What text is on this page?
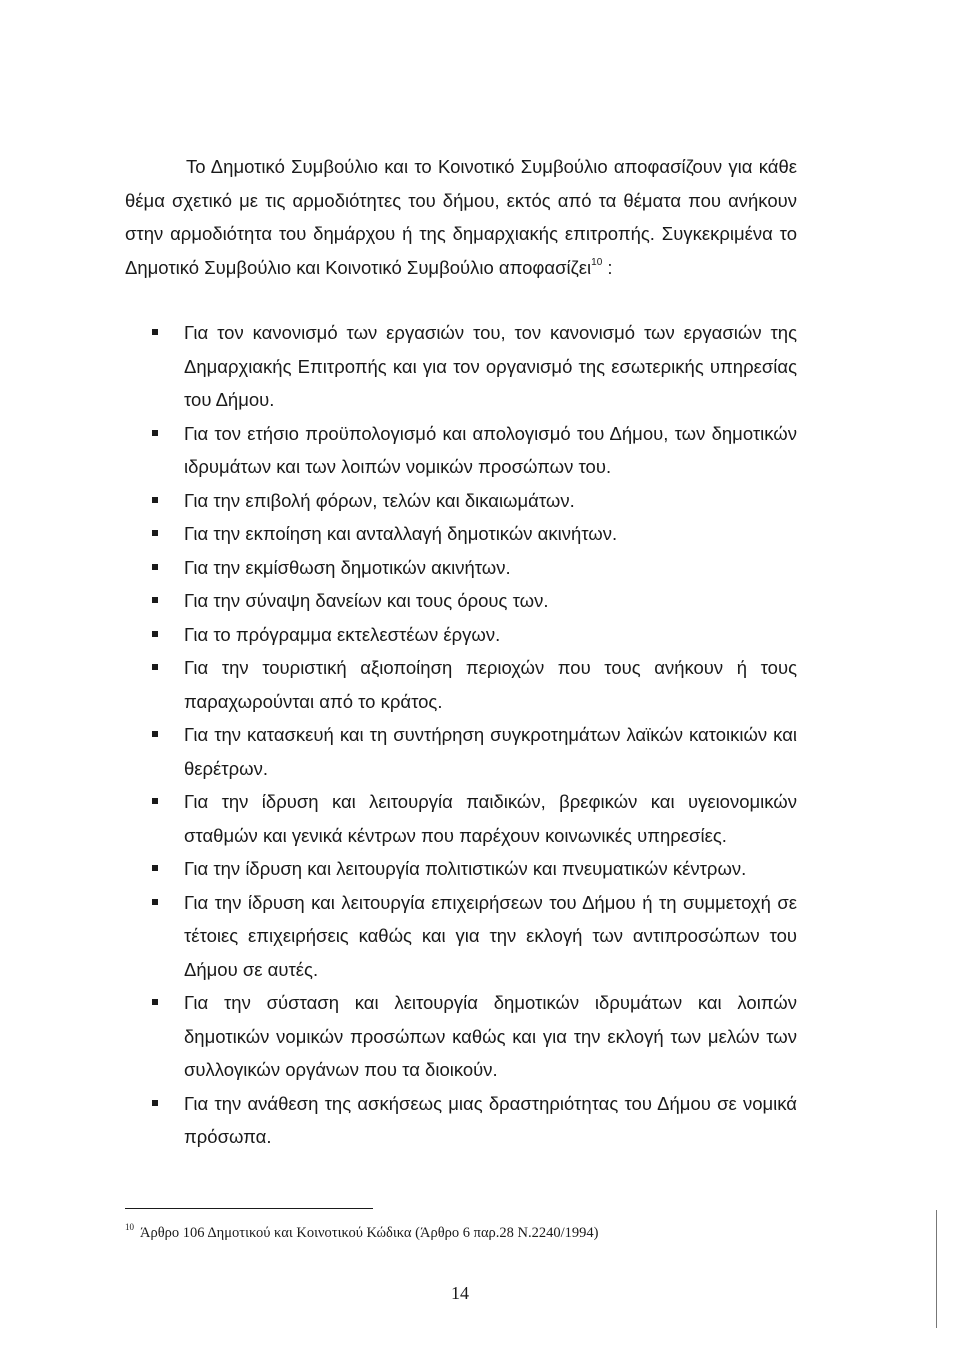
Το Δημοτικό Συμβούλιο και το Κοινοτικό Συμβούλιο αποφασίζουν για κάθε θέμα σχετικό με τις αρμοδιότητες του δήμου, εκτός από τα θέματα που ανήκουν στην αρμοδιότητα του δημάρχου ή της δημαρχιακής επιτροπής. Συγκεκριμένα το Δημοτικό Συμβούλιο και Κοινοτικό Συμβούλιο αποφασίζει$^{10}$ :

Για τον κανονισμό των εργασιών του, τον κανονισμό των εργασιών της Δημαρχιακής Επιτροπής και για τον οργανισμό της εσωτερικής υπηρεσίας του Δήμου.
Για τον ετήσιο προϋπολογισμό και απολογισμό του Δήμου, των δημοτικών ιδρυμάτων και των λοιπών νομικών προσώπων του.
Για την επιβολή φόρων, τελών και δικαιωμάτων.
Για την εκποίηση και ανταλλαγή δημοτικών ακινήτων.
Για την εκμίσθωση δημοτικών ακινήτων.
Για την σύναψη δανείων και τους όρους των.
Για το πρόγραμμα εκτελεστέων έργων.
Για την τουριστική αξιοποίηση περιοχών που τους ανήκουν ή τους παραχωρούνται από το κράτος.
Για την κατασκευή και τη συντήρηση συγκροτημάτων λαϊκών κατοικιών και θερέτρων.
Για την ίδρυση και λειτουργία παιδικών, βρεφικών και υγειονομικών σταθμών και γενικά κέντρων που παρέχουν κοινωνικές υπηρεσίες.
Για την ίδρυση και λειτουργία πολιτιστικών και πνευματικών κέντρων.
Για την ίδρυση και λειτουργία επιχειρήσεων του Δήμου ή τη συμμετοχή σε τέτοιες επιχειρήσεις καθώς και για την εκλογή των αντιπροσώπων του Δήμου σε αυτές.
Για την σύσταση και λειτουργία δημοτικών ιδρυμάτων και λοιπών δημοτικών νομικών προσώπων καθώς και για την εκλογή των μελών των συλλογικών οργάνων που τα διοικούν.
Για την ανάθεση της ασκήσεως μιας δραστηριότητας του Δήμου σε νομικά πρόσωπα.
$^{10}$ Άρθρο 106 Δημοτικού και Κοινοτικού Κώδικα (Άρθρο 6 παρ.28 Ν.2240/1994)
14
